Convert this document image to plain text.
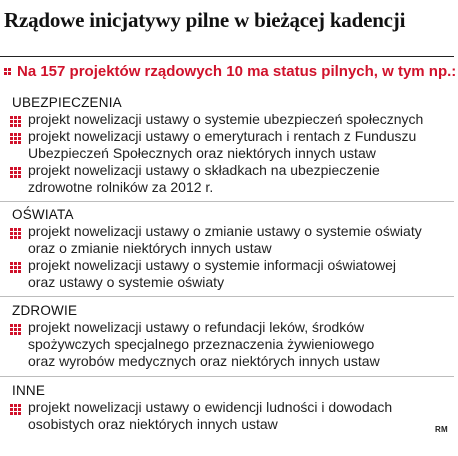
Rządowe inicjatywy pilne w bieżącej kadencji
Na 157 projektów rządowych 10 ma status pilnych, w tym np.:
UBEZPIECZENIA
projekt nowelizacji ustawy o systemie ubezpieczeń społecznych
projekt nowelizacji ustawy o emeryturach i rentach z Funduszu
Ubezpieczeń Społecznych oraz niektórych innych ustaw
projekt nowelizacji ustawy o składkach na ubezpieczenie
zdrowotne rolników za 2012 r.
OŚWIATA
projekt nowelizacji ustawy o zmianie ustawy o systemie oświaty
oraz o zmianie niektórych innych ustaw
projekt nowelizacji ustawy o systemie informacji oświatowej
oraz ustawy o systemie oświaty
ZDROWIE
projekt nowelizacji ustawy o refundacji leków, środków
spożywczych specjalnego przeznaczenia żywieniowego
oraz wyrobów medycznych oraz niektórych innych ustaw
INNE
projekt nowelizacji ustawy o ewidencji ludności i dowodach
osobistych oraz niektórych innych ustaw	RM
